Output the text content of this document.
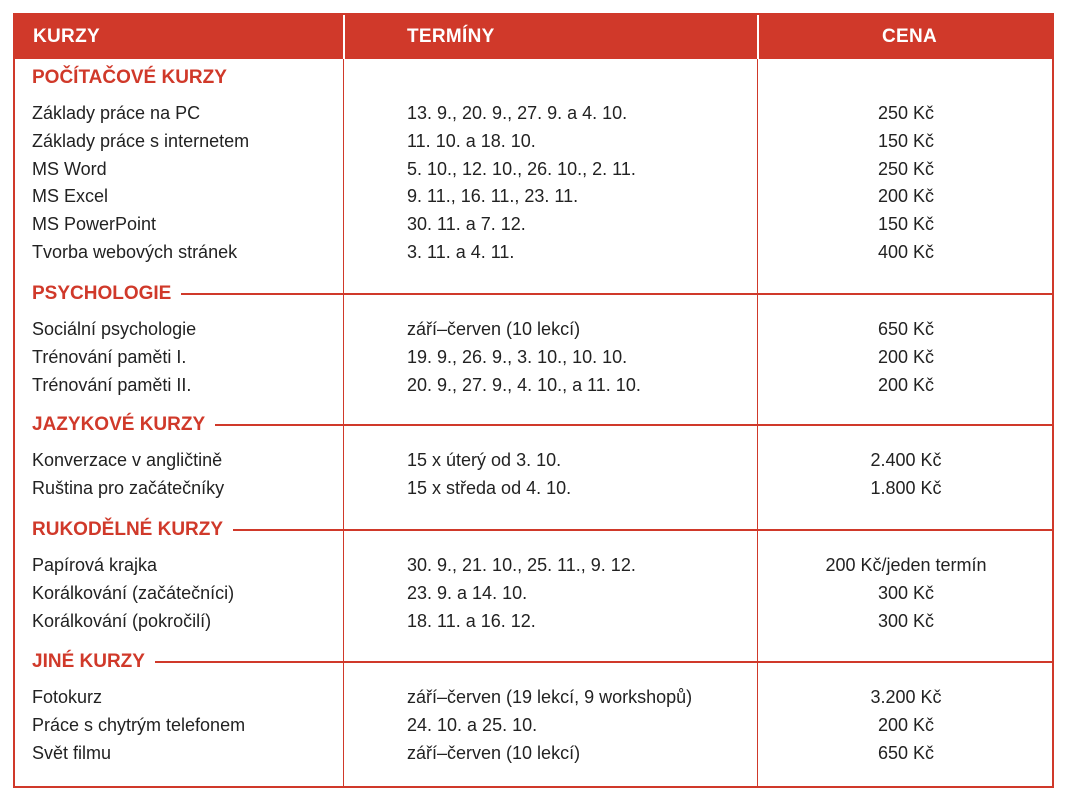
KURZY	TERMÍNY	CENA
POČÍTAČOVÉ KURZY
Základy práce na PC	13. 9., 20. 9., 27. 9. a 4. 10.	250 Kč
Základy práce s internetem	11. 10. a 18. 10.	150 Kč
MS Word	5. 10., 12. 10., 26. 10., 2. 11.	250 Kč
MS Excel	9. 11., 16. 11., 23. 11.	200 Kč
MS PowerPoint	30. 11. a 7. 12.	150 Kč
Tvorba webových stránek	3. 11. a 4. 11.	400 Kč
PSYCHOLOGIE
Sociální psychologie	září–červen (10 lekcí)	650 Kč
Trénování paměti I.	19. 9., 26. 9., 3. 10., 10. 10.	200 Kč
Trénování paměti II.	20. 9., 27. 9., 4. 10., a 11. 10.	200 Kč
JAZYKOVÉ KURZY
Konverzace v angličtině	15 x úterý od 3. 10.	2.400 Kč
Ruština pro začátečníky	15 x středa od 4. 10.	1.800 Kč
RUKODĚLNÉ KURZY
Papírová krajka	30. 9., 21. 10., 25. 11., 9. 12.	200 Kč/jeden termín
Korálkování (začátečníci)	23. 9. a 14. 10.	300 Kč
Korálkování (pokročilí)	18. 11. a 16. 12.	300 Kč
JINÉ KURZY
Fotokurz	září–červen (19 lekcí, 9 workshopů)	3.200 Kč
Práce s chytrým telefonem	24. 10. a 25. 10.	200 Kč
Svět filmu	září–červen (10 lekcí)	650 Kč
